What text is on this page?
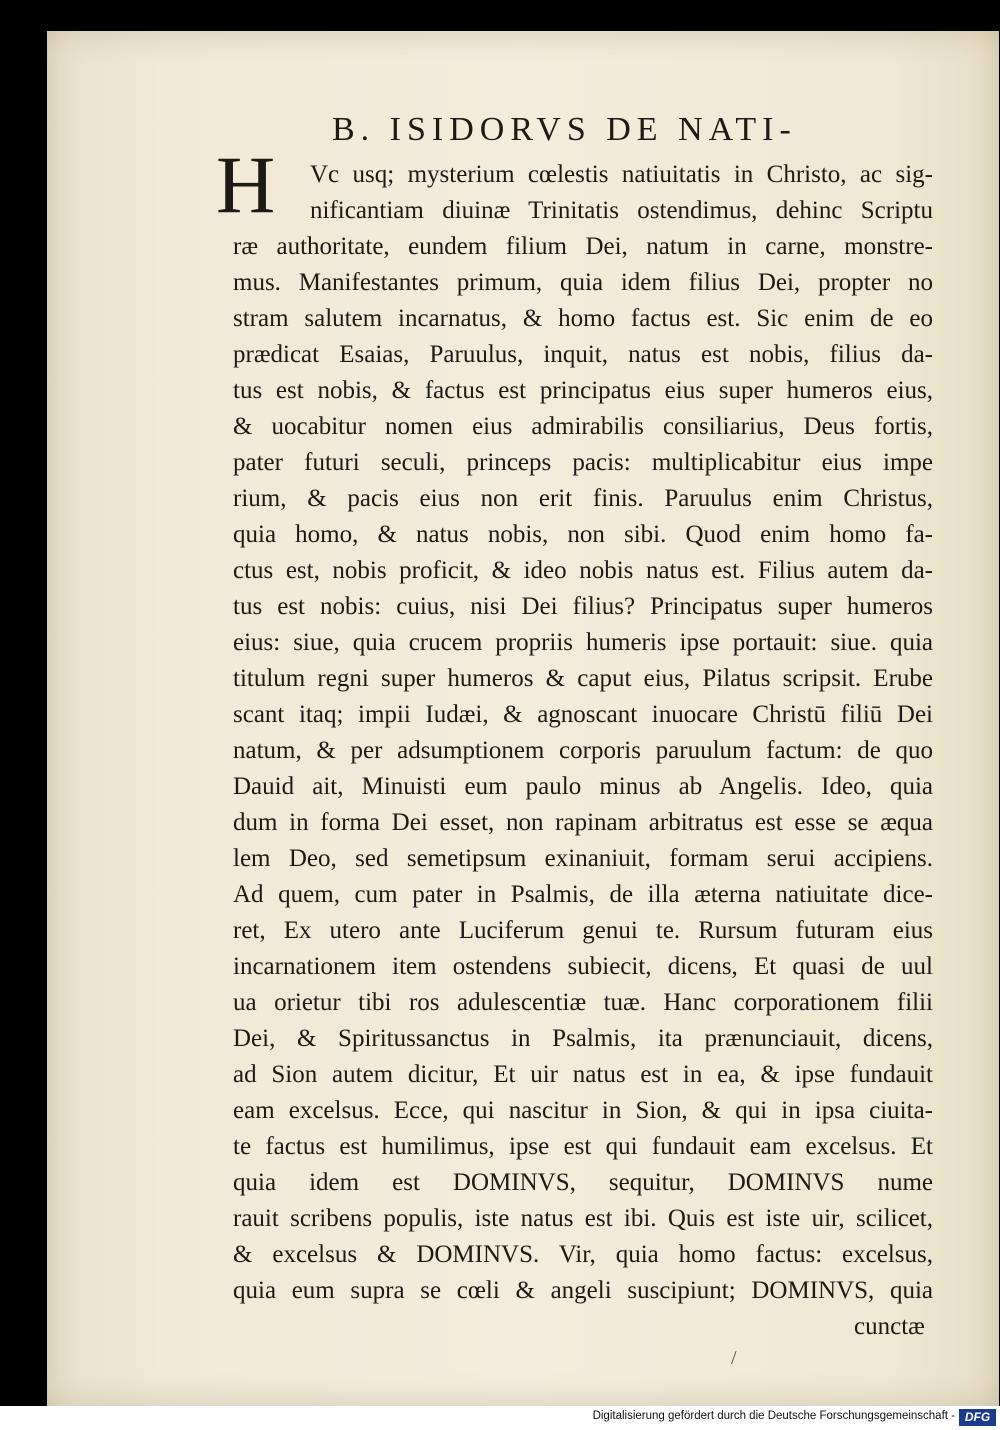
B. ISIDORVS DE NATI-
H Vc usq; mysterium cœlestis natiuitatis in Christo, ac sig-
nificantiam diuinæ Trinitatis ostendimus, dehinc Scriptu
ræ authoritate, eundem filium Dei, natum in carne, monstre-
mus. Manifestantes primum, quia idem filius Dei, propter no
stram salutem incarnatus, & homo factus est. Sic enim de eo
prædicat Esaias, Paruulus, inquit, natus est nobis, filius da-
tus est nobis, & factus est principatus eius super humeros eius,
& uocabitur nomen eius admirabilis consiliarius, Deus fortis,
pater futuri seculi, princeps pacis: multiplicabitur eius impe
rium, & pacis eius non erit finis. Paruulus enim Christus,
quia homo, & natus nobis, non sibi. Quod enim homo fa-
ctus est, nobis proficit, & ideo nobis natus est. Filius autem da-
tus est nobis: cuius, nisi Dei filius? Principatus super humeros
eius: siue, quia crucem propriis humeris ipse portauit: siue. quia
titulum regni super humeros & caput eius, Pilatus scripsit. Erube
scant itaq; impii Iudæi, & agnoscant inuocare Christū filiū Dei
natum, & per adsumptionem corporis paruulum factum: de quo
Dauid ait, Minuisti eum paulo minus ab Angelis. Ideo, quia
dum in forma Dei esset, non rapinam arbitratus est esse se æqua
lem Deo, sed semetipsum exinaniuit, formam serui accipiens.
Ad quem, cum pater in Psalmis, de illa æterna natiuitate dice-
ret, Ex utero ante Luciferum genui te. Rursum futuram eius
incarnationem item ostendens subiecit, dicens, Et quasi de uul
ua orietur tibi ros adulescentiæ tuæ. Hanc corporationem filii
Dei, & Spiritussanctus in Psalmis, ita prænunciauit, dicens,
ad Sion autem dicitur, Et uir natus est in ea, & ipse fundauit
eam excelsus. Ecce, qui nascitur in Sion, & qui in ipsa ciuita-
te factus est humilimus, ipse est qui fundauit eam excelsus. Et
quia idem est DOMINVS, sequitur, DOMINVS nume
rauit scribens populis, iste natus est ibi. Quis est iste uir, scilicet,
& excelsus & DOMINVS. Vir, quia homo factus: excelsus,
quia eum supra se cœli & angeli suscipiunt; DOMINVS, quia
cunctæ
/
Digitalisierung gefördert durch die Deutsche Forschungsgemeinschaft - DFG
